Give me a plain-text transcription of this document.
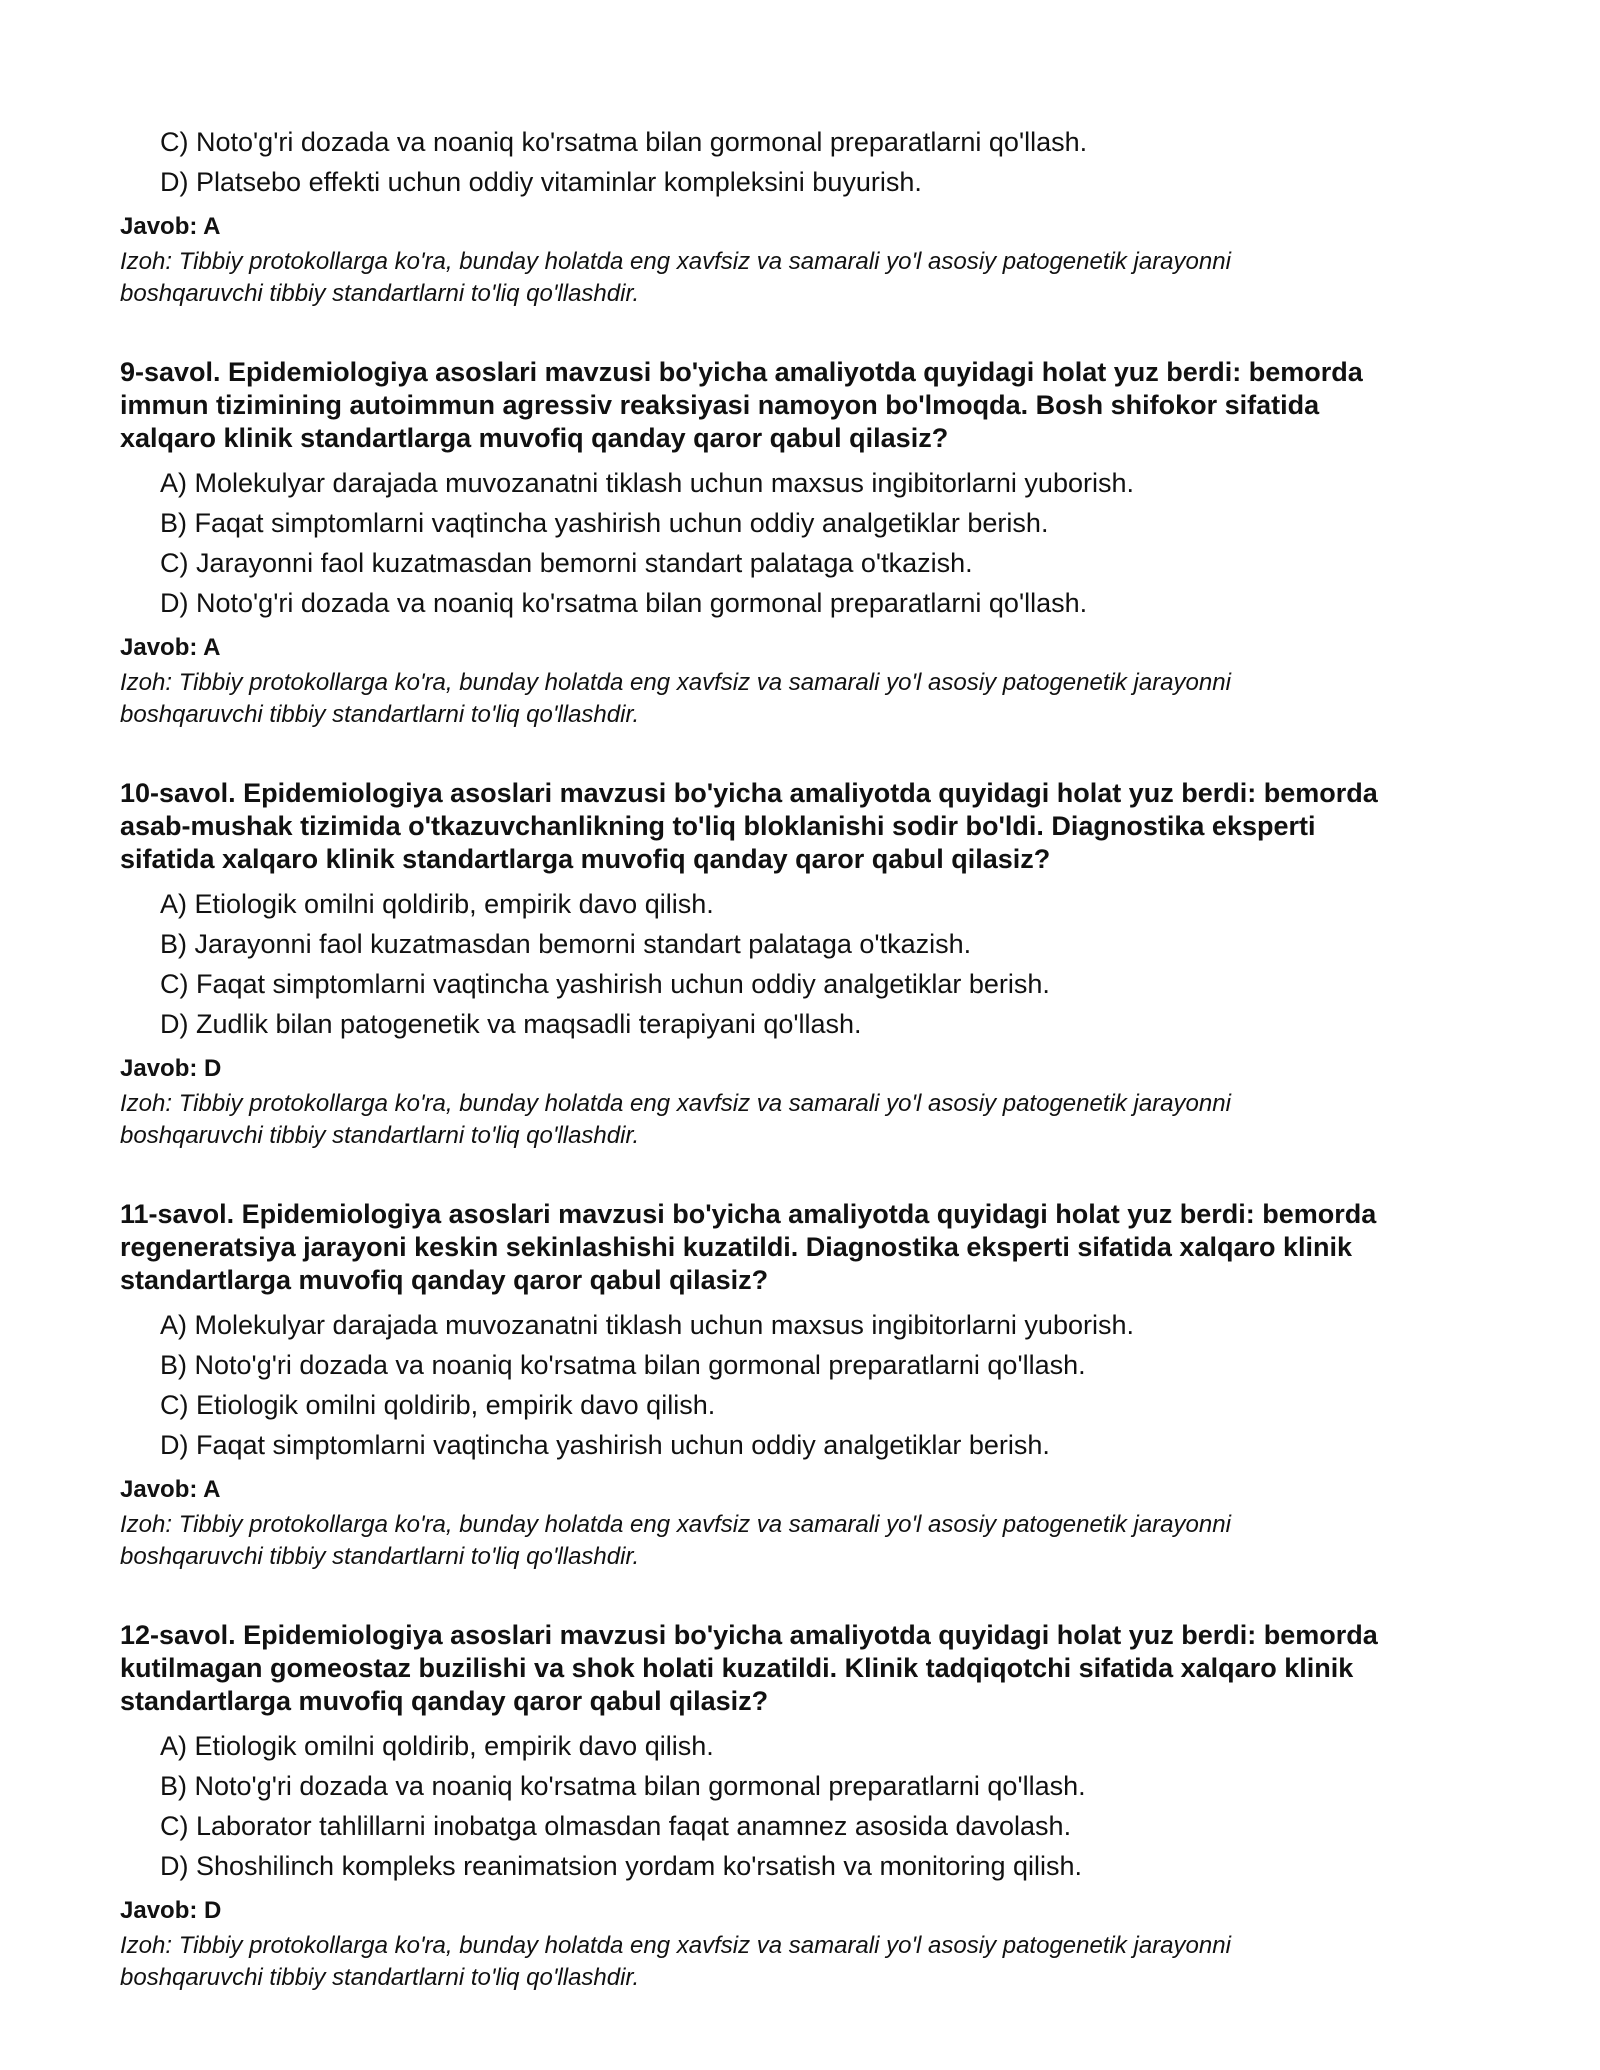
C) Noto'g'ri dozada va noaniq ko'rsatma bilan gormonal preparatlarni qo'llash.

D) Platsebo effekti uchun oddiy vitaminlar kompleksini buyurish.

Javob: A

Izoh: Tibbiy protokollarga ko'ra, bunday holatda eng xavfsiz va samarali yo'l asosiy patogenetik jarayonni
boshqaruvchi tibbiy standartlarni to'liq qo'llashdir.

9-savol. Epidemiologiya asoslari mavzusi bo'yicha amaliyotda quyidagi holat yuz berdi: bemorda
immun tizimining autoimmun agressiv reaksiyasi namoyon bo'lmoqda. Bosh shifokor sifatida
xalqaro klinik standartlarga muvofiq qanday qaror qabul qilasiz?

A) Molekulyar darajada muvozanatni tiklash uchun maxsus ingibitorlarni yuborish.

B) Faqat simptomlarni vaqtincha yashirish uchun oddiy analgetiklar berish.

C) Jarayonni faol kuzatmasdan bemorni standart palataga o'tkazish.

D) Noto'g'ri dozada va noaniq ko'rsatma bilan gormonal preparatlarni qo'llash.

Javob: A

Izoh: Tibbiy protokollarga ko'ra, bunday holatda eng xavfsiz va samarali yo'l asosiy patogenetik jarayonni
boshqaruvchi tibbiy standartlarni to'liq qo'llashdir.

10-savol. Epidemiologiya asoslari mavzusi bo'yicha amaliyotda quyidagi holat yuz berdi: bemorda
asab-mushak tizimida o'tkazuvchanlikning to'liq bloklanishi sodir bo'ldi. Diagnostika eksperti
sifatida xalqaro klinik standartlarga muvofiq qanday qaror qabul qilasiz?

A) Etiologik omilni qoldirib, empirik davo qilish.

B) Jarayonni faol kuzatmasdan bemorni standart palataga o'tkazish.

C) Faqat simptomlarni vaqtincha yashirish uchun oddiy analgetiklar berish.

D) Zudlik bilan patogenetik va maqsadli terapiyani qo'llash.

Javob: D

Izoh: Tibbiy protokollarga ko'ra, bunday holatda eng xavfsiz va samarali yo'l asosiy patogenetik jarayonni
boshqaruvchi tibbiy standartlarni to'liq qo'llashdir.

11-savol. Epidemiologiya asoslari mavzusi bo'yicha amaliyotda quyidagi holat yuz berdi: bemorda
regeneratsiya jarayoni keskin sekinlashishi kuzatildi. Diagnostika eksperti sifatida xalqaro klinik
standartlarga muvofiq qanday qaror qabul qilasiz?

A) Molekulyar darajada muvozanatni tiklash uchun maxsus ingibitorlarni yuborish.

B) Noto'g'ri dozada va noaniq ko'rsatma bilan gormonal preparatlarni qo'llash.

C) Etiologik omilni qoldirib, empirik davo qilish.

D) Faqat simptomlarni vaqtincha yashirish uchun oddiy analgetiklar berish.

Javob: A

Izoh: Tibbiy protokollarga ko'ra, bunday holatda eng xavfsiz va samarali yo'l asosiy patogenetik jarayonni
boshqaruvchi tibbiy standartlarni to'liq qo'llashdir.

12-savol. Epidemiologiya asoslari mavzusi bo'yicha amaliyotda quyidagi holat yuz berdi: bemorda
kutilmagan gomeostaz buzilishi va shok holati kuzatildi. Klinik tadqiqotchi sifatida xalqaro klinik
standartlarga muvofiq qanday qaror qabul qilasiz?

A) Etiologik omilni qoldirib, empirik davo qilish.

B) Noto'g'ri dozada va noaniq ko'rsatma bilan gormonal preparatlarni qo'llash.

C) Laborator tahlillarni inobatga olmasdan faqat anamnez asosida davolash.

D) Shoshilinch kompleks reanimatsion yordam ko'rsatish va monitoring qilish.

Javob: D

Izoh: Tibbiy protokollarga ko'ra, bunday holatda eng xavfsiz va samarali yo'l asosiy patogenetik jarayonni
boshqaruvchi tibbiy standartlarni to'liq qo'llashdir.
